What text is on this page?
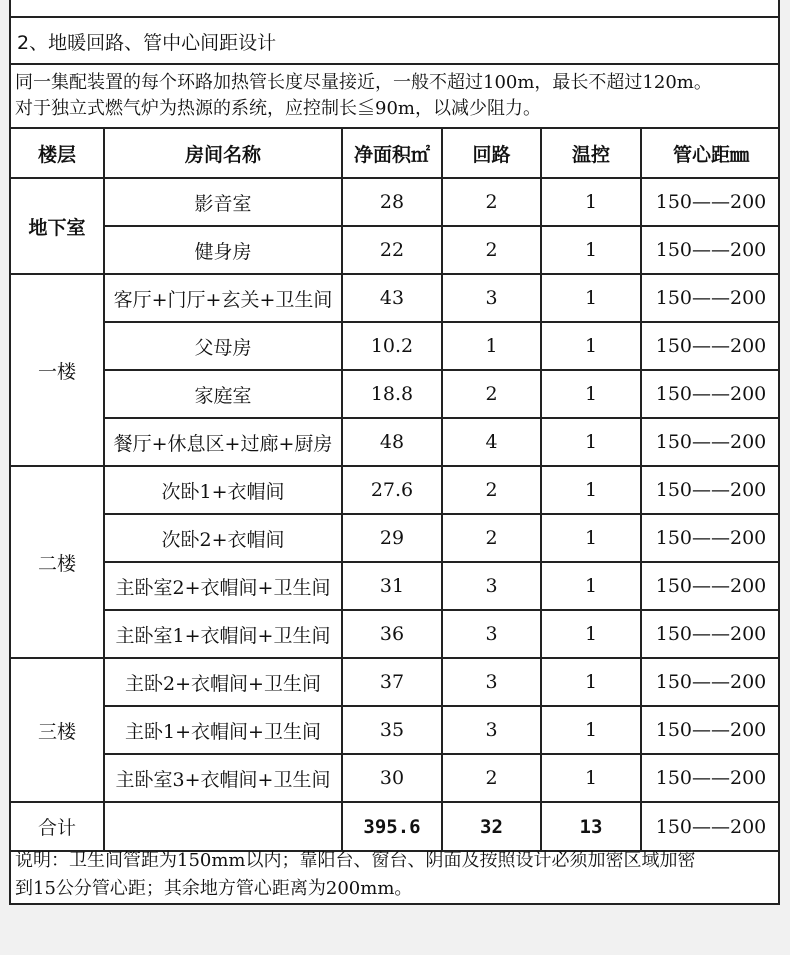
2、地暖回路、管中心间距设计
同一集配装置的每个环路加热管长度尽量接近，一般不超过100m，最长不超过120m。
对于独立式燃气炉为热源的系统，应控制长≦90m，以减少阻力。
楼层	房间名称	净面积㎡	回路	温控	管心距㎜
地下室	影音室	28	2	1	150——200
	健身房	22	2	1	150——200
一楼	客厅+门厅+玄关+卫生间	43	3	1	150——200
	父母房	10.2	1	1	150——200
	家庭室	18.8	2	1	150——200
	餐厅+休息区+过廊+厨房	48	4	1	150——200
二楼	次卧1+衣帽间	27.6	2	1	150——200
	次卧2+衣帽间	29	2	1	150——200
	主卧室2+衣帽间+卫生间	31	3	1	150——200
	主卧室1+衣帽间+卫生间	36	3	1	150——200
三楼	主卧2+衣帽间+卫生间	37	3	1	150——200
	主卧1+衣帽间+卫生间	35	3	1	150——200
	主卧室3+衣帽间+卫生间	30	2	1	150——200
合计		395.6	32	13	150——200
说明：卫生间管距为150mm以内；靠阳台、窗台、阴面及按照设计必须加密区域加密
到15公分管心距；其余地方管心距离为200mm。
